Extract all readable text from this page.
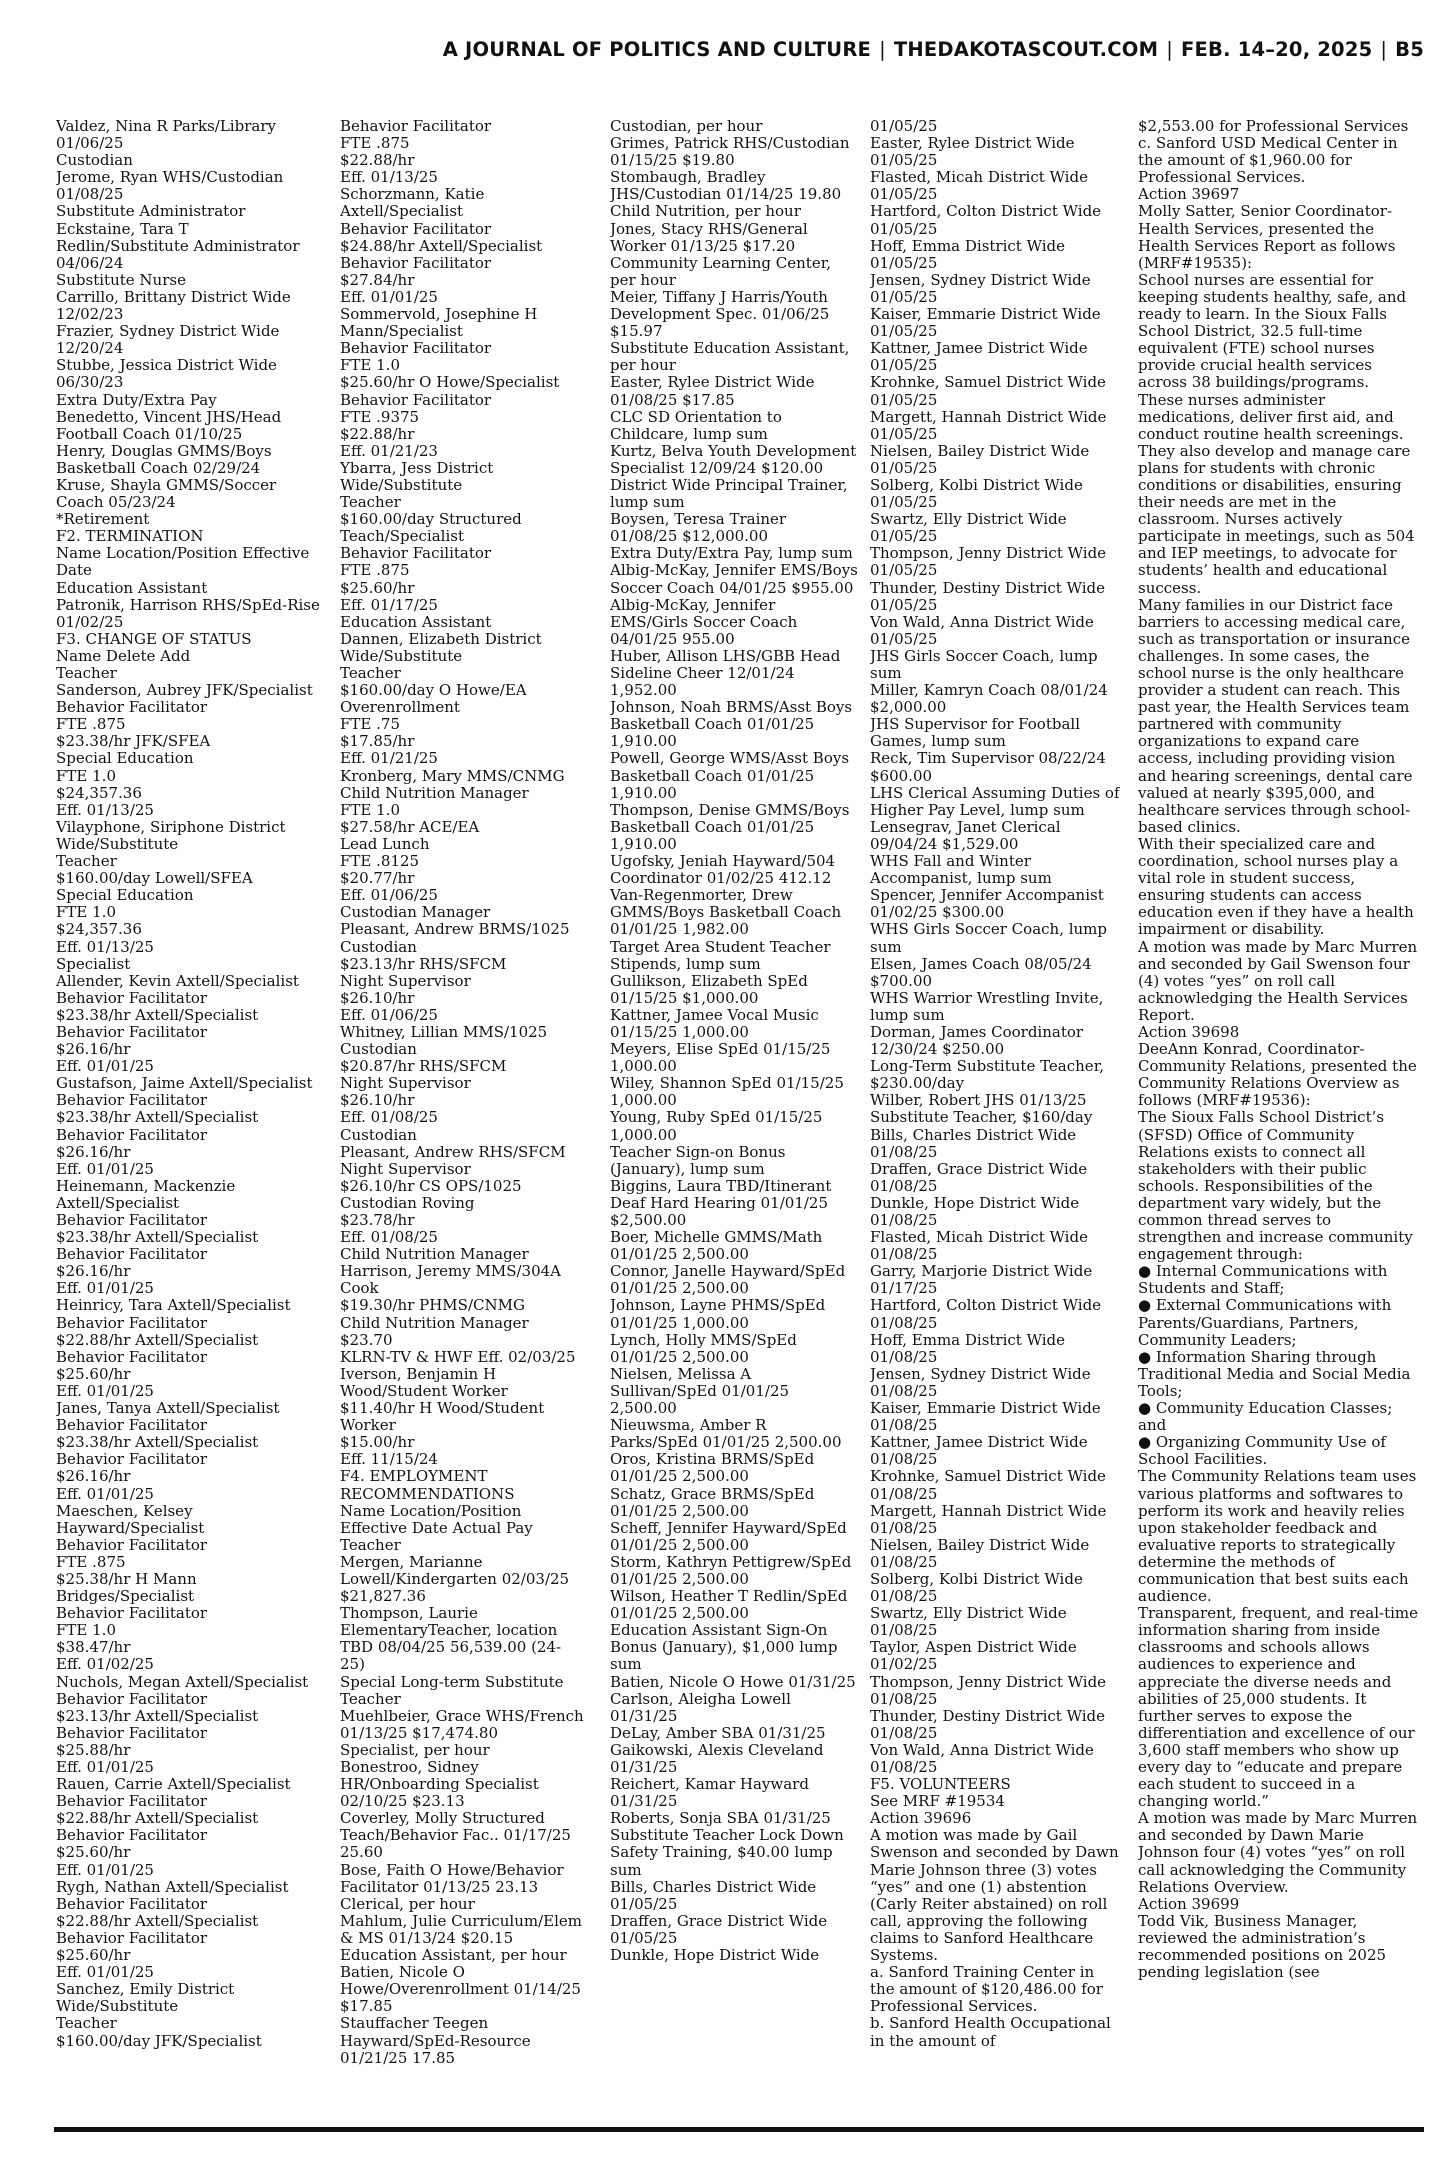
A JOURNAL OF POLITICS AND CULTURE | THEDAKOTASCOUT.COM | FEB. 14–20, 2025 | B5
Valdez, Nina R Parks/Library 01/06/25
Custodian
Jerome, Ryan WHS/Custodian 01/08/25
Substitute Administrator
Eckstaine, Tara T Redlin/Substitute Administrator 04/06/24
Substitute Nurse
Carrillo, Brittany District Wide 12/02/23
Frazier, Sydney District Wide 12/20/24
Stubbe, Jessica District Wide 06/30/23
Extra Duty/Extra Pay
Benedetto, Vincent JHS/Head Football Coach 01/10/25
Henry, Douglas GMMS/Boys Basketball Coach 02/29/24
Kruse, Shayla GMMS/Soccer Coach 05/23/24
*Retirement
F2. TERMINATION
Name Location/Position Effective Date
Education Assistant
Patronik, Harrison RHS/SpEd-Rise 01/02/25
F3. CHANGE OF STATUS
Name Delete Add
Teacher
Sanderson, Aubrey JFK/Specialist
Behavior Facilitator
FTE .875
$23.38/hr JFK/SFEA
Special Education
FTE 1.0
$24,357.36
Eff. 01/13/25
Vilayphone, Siriphone District Wide/Substitute
Teacher
$160.00/day Lowell/SFEA
Special Education
FTE 1.0
$24,357.36
Eff. 01/13/25
Specialist
Allender, Kevin Axtell/Specialist
Behavior Facilitator
$23.38/hr Axtell/Specialist
Behavior Facilitator
$26.16/hr
Eff. 01/01/25
Gustafson, Jaime Axtell/Specialist
Behavior Facilitator
$23.38/hr Axtell/Specialist
Behavior Facilitator
$26.16/hr
Eff. 01/01/25
Heinemann, Mackenzie Axtell/Specialist
Behavior Facilitator
$23.38/hr Axtell/Specialist
Behavior Facilitator
$26.16/hr
Eff. 01/01/25
Heinricy, Tara Axtell/Specialist
Behavior Facilitator
$22.88/hr Axtell/Specialist
Behavior Facilitator
$25.60/hr
Eff. 01/01/25
Janes, Tanya Axtell/Specialist
Behavior Facilitator
$23.38/hr Axtell/Specialist
Behavior Facilitator
$26.16/hr
Eff. 01/01/25
Maeschen, Kelsey Hayward/Specialist
Behavior Facilitator
FTE .875
$25.38/hr H Mann Bridges/Specialist
Behavior Facilitator
FTE 1.0
$38.47/hr
Eff. 01/02/25
Nuchols, Megan Axtell/Specialist
Behavior Facilitator
$23.13/hr Axtell/Specialist
Behavior Facilitator
$25.88/hr
Eff. 01/01/25
Rauen, Carrie Axtell/Specialist
Behavior Facilitator
$22.88/hr Axtell/Specialist
Behavior Facilitator
$25.60/hr
Eff. 01/01/25
Rygh, Nathan Axtell/Specialist
Behavior Facilitator
$22.88/hr Axtell/Specialist
Behavior Facilitator
$25.60/hr
Eff. 01/01/25
Sanchez, Emily District Wide/Substitute
Teacher
$160.00/day JFK/Specialist
Behavior Facilitator
FTE .875
$22.88/hr
Eff. 01/13/25
Schorzmann, Katie Axtell/Specialist
Behavior Facilitator
$24.88/hr Axtell/Specialist
Behavior Facilitator
$27.84/hr
Eff. 01/01/25
Sommervold, Josephine H Mann/Specialist
Behavior Facilitator
FTE 1.0
$25.60/hr O Howe/Specialist
Behavior Facilitator
FTE .9375
$22.88/hr
Eff. 01/21/23
Ybarra, Jess District Wide/Substitute
Teacher
$160.00/day Structured Teach/Specialist
Behavior Facilitator
FTE .875
$25.60/hr
Eff. 01/17/25
Education Assistant
Dannen, Elizabeth District Wide/Substitute
Teacher
$160.00/day O Howe/EA
Overenrollment
FTE .75
$17.85/hr
Eff. 01/21/25
Kronberg, Mary MMS/CNMG
Child Nutrition Manager
FTE 1.0
$27.58/hr ACE/EA
Lead Lunch
FTE .8125
$20.77/hr
Eff. 01/06/25
Custodian Manager
Pleasant, Andrew BRMS/1025
Custodian
$23.13/hr RHS/SFCM
Night Supervisor
$26.10/hr
Eff. 01/06/25
Whitney, Lillian MMS/1025
Custodian
$20.87/hr RHS/SFCM
Night Supervisor
$26.10/hr
Eff. 01/08/25
Custodian
Pleasant, Andrew RHS/SFCM
Night Supervisor
$26.10/hr CS OPS/1025
Custodian Roving
$23.78/hr
Eff. 01/08/25
Child Nutrition Manager
Harrison, Jeremy MMS/304A
Cook
$19.30/hr PHMS/CNMG
Child Nutrition Manager
$23.70
KLRN-TV & HWF Eff. 02/03/25
Iverson, Benjamin H Wood/Student Worker
$11.40/hr H Wood/Student Worker
$15.00/hr
Eff. 11/15/24
F4. EMPLOYMENT RECOMMENDATIONS
Name Location/Position Effective Date Actual Pay
Teacher
Mergen, Marianne Lowell/Kindergarten 02/03/25 $21,827.36
Thompson, Laurie ElementaryTeacher, location TBD 08/04/25 56,539.00 (24-25)
Special Long-term Substitute Teacher
Muehlbeier, Grace WHS/French 01/13/25 $17,474.80
Specialist, per hour
Bonestroo, Sidney HR/Onboarding Specialist 02/10/25 $23.13
Coverley, Molly Structured Teach/Behavior Fac.. 01/17/25 25.60
Bose, Faith O Howe/Behavior Facilitator 01/13/25 23.13
Clerical, per hour
Mahlum, Julie Curriculum/Elem & MS 01/13/24 $20.15
Education Assistant, per hour
Batien, Nicole O Howe/Overenrollment 01/14/25 $17.85
Stauffacher Teegen Hayward/SpEd-Resource 01/21/25 17.85
Custodian, per hour
Grimes, Patrick RHS/Custodian 01/15/25 $19.80
Stombaugh, Bradley JHS/Custodian 01/14/25 19.80
Child Nutrition, per hour
Jones, Stacy RHS/General Worker 01/13/25 $17.20
Community Learning Center, per hour
Meier, Tiffany J Harris/Youth Development Spec. 01/06/25 $15.97
Substitute Education Assistant, per hour
Easter, Rylee District Wide 01/08/25 $17.85
CLC SD Orientation to Childcare, lump sum
Kurtz, Belva Youth Development Specialist 12/09/24 $120.00
District Wide Principal Trainer, lump sum
Boysen, Teresa Trainer 01/08/25 $12,000.00
Extra Duty/Extra Pay, lump sum
Albig-McKay, Jennifer EMS/Boys Soccer Coach 04/01/25 $955.00
Albig-McKay, Jennifer EMS/Girls Soccer Coach 04/01/25 955.00
Huber, Allison LHS/GBB Head Sideline Cheer 12/01/24 1,952.00
Johnson, Noah BRMS/Asst Boys Basketball Coach 01/01/25 1,910.00
Powell, George WMS/Asst Boys Basketball Coach 01/01/25 1,910.00
Thompson, Denise GMMS/Boys Basketball Coach 01/01/25 1,910.00
Ugofsky, Jeniah Hayward/504 Coordinator 01/02/25 412.12
Van-Regenmorter, Drew GMMS/Boys Basketball Coach 01/01/25 1,982.00
Target Area Student Teacher Stipends, lump sum
Gullikson, Elizabeth SpEd 01/15/25 $1,000.00
Kattner, Jamee Vocal Music 01/15/25 1,000.00
Meyers, Elise SpEd 01/15/25 1,000.00
Wiley, Shannon SpEd 01/15/25 1,000.00
Young, Ruby SpEd 01/15/25 1,000.00
Teacher Sign-on Bonus (January), lump sum
Biggins, Laura TBD/Itinerant Deaf Hard Hearing 01/01/25 $2,500.00
Boer, Michelle GMMS/Math 01/01/25 2,500.00
Connor, Janelle Hayward/SpEd 01/01/25 2,500.00
Johnson, Layne PHMS/SpEd 01/01/25 1,000.00
Lynch, Holly MMS/SpEd 01/01/25 2,500.00
Nielsen, Melissa A Sullivan/SpEd 01/01/25 2,500.00
Nieuwsma, Amber R Parks/SpEd 01/01/25 2,500.00
Oros, Kristina BRMS/SpEd 01/01/25 2,500.00
Schatz, Grace BRMS/SpEd 01/01/25 2,500.00
Scheff, Jennifer Hayward/SpEd 01/01/25 2,500.00
Storm, Kathryn Pettigrew/SpEd 01/01/25 2,500.00
Wilson, Heather T Redlin/SpEd 01/01/25 2,500.00
Education Assistant Sign-On Bonus (January), $1,000 lump sum
Batien, Nicole O Howe 01/31/25
Carlson, Aleigha Lowell 01/31/25
DeLay, Amber SBA 01/31/25
Gaikowski, Alexis Cleveland 01/31/25
Reichert, Kamar Hayward 01/31/25
Roberts, Sonja SBA 01/31/25
Substitute Teacher Lock Down Safety Training, $40.00 lump sum
Bills, Charles District Wide 01/05/25
Draffen, Grace District Wide 01/05/25
Dunkle, Hope District Wide
01/05/25
Easter, Rylee District Wide 01/05/25
Flasted, Micah District Wide 01/05/25
Hartford, Colton District Wide 01/05/25
Hoff, Emma District Wide 01/05/25
Jensen, Sydney District Wide 01/05/25
Kaiser, Emmarie District Wide 01/05/25
Kattner, Jamee District Wide 01/05/25
Krohnke, Samuel District Wide 01/05/25
Margett, Hannah District Wide 01/05/25
Nielsen, Bailey District Wide 01/05/25
Solberg, Kolbi District Wide 01/05/25
Swartz, Elly District Wide 01/05/25
Thompson, Jenny District Wide 01/05/25
Thunder, Destiny District Wide 01/05/25
Von Wald, Anna District Wide 01/05/25
JHS Girls Soccer Coach, lump sum
Miller, Kamryn Coach 08/01/24 $2,000.00
JHS Supervisor for Football Games, lump sum
Reck, Tim Supervisor 08/22/24 $600.00
LHS Clerical Assuming Duties of Higher Pay Level, lump sum
Lensegrav, Janet Clerical 09/04/24 $1,529.00
WHS Fall and Winter Accompanist, lump sum
Spencer, Jennifer Accompanist 01/02/25 $300.00
WHS Girls Soccer Coach, lump sum
Elsen, James Coach 08/05/24 $700.00
WHS Warrior Wrestling Invite, lump sum
Dorman, James Coordinator 12/30/24 $250.00
Long-Term Substitute Teacher, $230.00/day
Wilber, Robert JHS 01/13/25
Substitute Teacher, $160/day
Bills, Charles District Wide 01/08/25
Draffen, Grace District Wide 01/08/25
Dunkle, Hope District Wide 01/08/25
Flasted, Micah District Wide 01/08/25
Garry, Marjorie District Wide 01/17/25
Hartford, Colton District Wide 01/08/25
Hoff, Emma District Wide 01/08/25
Jensen, Sydney District Wide 01/08/25
Kaiser, Emmarie District Wide 01/08/25
Kattner, Jamee District Wide 01/08/25
Krohnke, Samuel District Wide 01/08/25
Margett, Hannah District Wide 01/08/25
Nielsen, Bailey District Wide 01/08/25
Solberg, Kolbi District Wide 01/08/25
Swartz, Elly District Wide 01/08/25
Taylor, Aspen District Wide 01/02/25
Thompson, Jenny District Wide 01/08/25
Thunder, Destiny District Wide 01/08/25
Von Wald, Anna District Wide 01/08/25
F5. VOLUNTEERS
See MRF #19534
Action 39696
A motion was made by Gail Swenson and seconded by Dawn Marie Johnson three (3) votes “yes” and one (1) abstention (Carly Reiter abstained) on roll call, approving the following claims to Sanford Healthcare Systems.
a. Sanford Training Center in the amount of $120,486.00 for Professional Services.
b. Sanford Health Occupational in the amount of
$2,553.00 for Professional Services
c. Sanford USD Medical Center in the amount of $1,960.00 for Professional Services.
Action 39697
Molly Satter, Senior Coordinator-Health Services, presented the Health Services Report as follows (MRF#19535):
School nurses are essential for keeping students healthy, safe, and ready to learn. In the Sioux Falls School District, 32.5 full-time equivalent (FTE) school nurses provide crucial health services across 38 buildings/programs. These nurses administer medications, deliver first aid, and conduct routine health screenings. They also develop and manage care plans for students with chronic conditions or disabilities, ensuring their needs are met in the classroom. Nurses actively participate in meetings, such as 504 and IEP meetings, to advocate for students’ health and educational success.
Many families in our District face barriers to accessing medical care, such as transportation or insurance challenges. In some cases, the school nurse is the only healthcare provider a student can reach. This past year, the Health Services team partnered with community organizations to expand care access, including providing vision and hearing screenings, dental care valued at nearly $395,000, and healthcare services through school-based clinics.
With their specialized care and coordination, school nurses play a vital role in student success, ensuring students can access education even if they have a health impairment or disability.
A motion was made by Marc Murren and seconded by Gail Swenson four (4) votes “yes” on roll call acknowledging the Health Services Report.
Action 39698
DeeAnn Konrad, Coordinator-Community Relations, presented the Community Relations Overview as follows (MRF#19536):
The Sioux Falls School District’s (SFSD) Office of Community Relations exists to connect all stakeholders with their public schools. Responsibilities of the department vary widely, but the common thread serves to strengthen and increase community engagement through:
● Internal Communications with Students and Staff;
● External Communications with Parents/Guardians, Partners, Community Leaders;
● Information Sharing through Traditional Media and Social Media Tools;
● Community Education Classes; and
● Organizing Community Use of School Facilities.
The Community Relations team uses various platforms and softwares to perform its work and heavily relies upon stakeholder feedback and evaluative reports to strategically determine the methods of communication that best suits each audience.
Transparent, frequent, and real-time information sharing from inside classrooms and schools allows audiences to experience and appreciate the diverse needs and abilities of 25,000 students. It further serves to expose the differentiation and excellence of our 3,600 staff members who show up every day to “educate and prepare each student to succeed in a changing world.”
A motion was made by Marc Murren and seconded by Dawn Marie Johnson four (4) votes “yes” on roll call acknowledging the Community Relations Overview.
Action 39699
Todd Vik, Business Manager, reviewed the administration’s recommended positions on 2025 pending legislation (see
